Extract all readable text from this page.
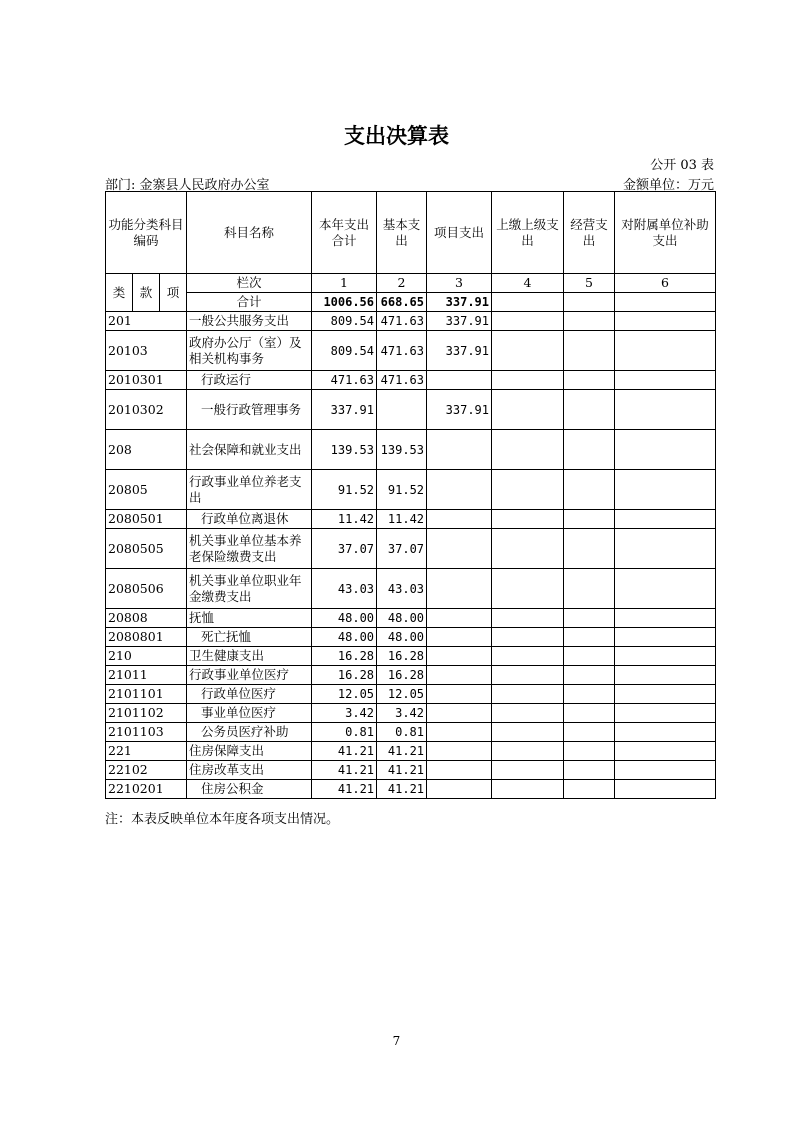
支出决算表
公开 03 表
部门: 金寨县人民政府办公室	金额单位：万元
功能分类科目编码			科目名称	本年支出合计	基本支出	项目支出	上缴上级支出	经营支出	对附属单位补助支出
类	款	项	栏次	1	2	3	4	5	6
			合计	1006.56	668.65	337.91			
201			一般公共服务支出	809.54	471.63	337.91			
20103			政府办公厅（室）及相关机构事务	809.54	471.63	337.91			
2010301			行政运行	471.63	471.63				
2010302			一般行政管理事务	337.91		337.91			
208			社会保障和就业支出	139.53	139.53				
20805			行政事业单位养老支出	91.52	91.52				
2080501			行政单位离退休	11.42	11.42				
2080505			机关事业单位基本养老保险缴费支出	37.07	37.07				
2080506			机关事业单位职业年金缴费支出	43.03	43.03				
20808			抚恤	48.00	48.00				
2080801			死亡抚恤	48.00	48.00				
210			卫生健康支出	16.28	16.28				
21011			行政事业单位医疗	16.28	16.28				
2101101			行政单位医疗	12.05	12.05				
2101102			事业单位医疗	3.42	3.42				
2101103			公务员医疗补助	0.81	0.81				
221			住房保障支出	41.21	41.21				
22102			住房改革支出	41.21	41.21				
2210201			住房公积金	41.21	41.21				
注：本表反映单位本年度各项支出情况。
7
